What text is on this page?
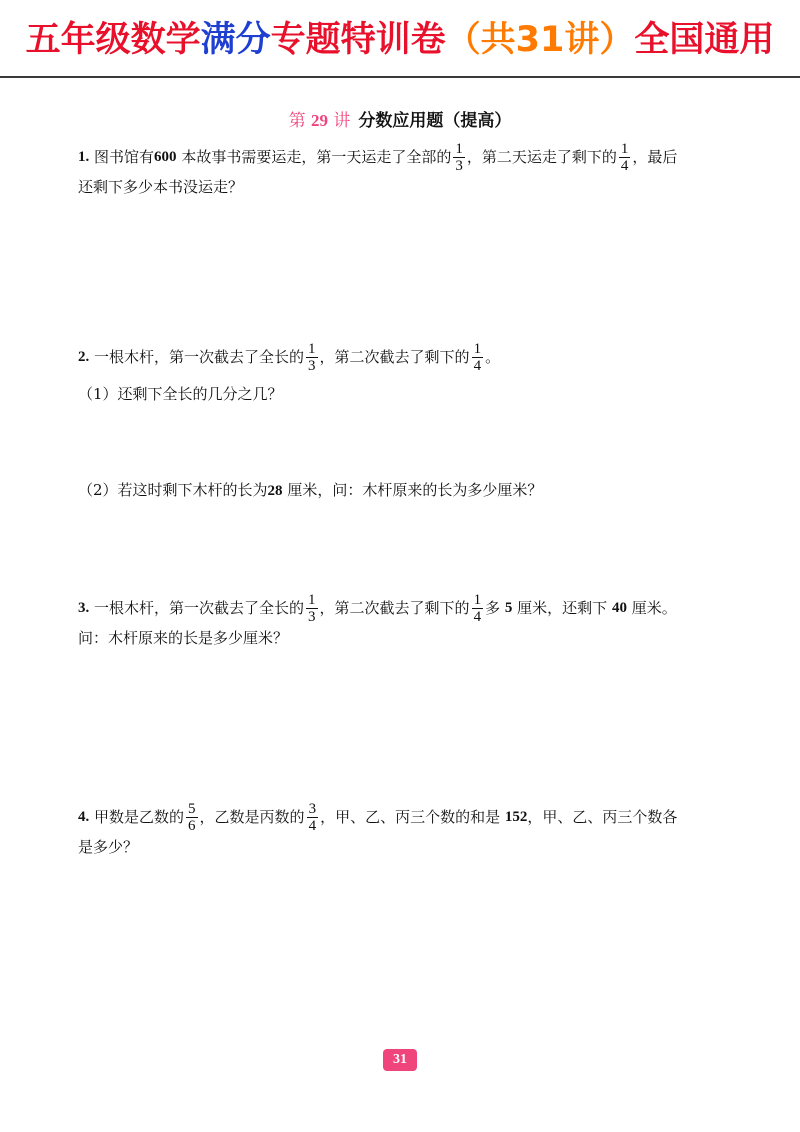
五年级数学 满分 专题特训卷 （共31讲） 全国通用
第 29 讲 分数应用题（提高）
1.
图书馆有 600
本故事书需要运走，第一天运走了全部的 $\frac{1}{3}$ ，第二天运走了剩下的 $\frac{1}{4}$ ，最后
还剩下多少本书没运走？
2.
一根木杆，第一次截去了全长的 $\frac{1}{3}$ ，第二次截去了剩下的 $\frac{1}{4}$ 。
（1）还剩下全长的几分之几？
（2）若这时剩下木杆的长为28 厘米，问：木杆原来的长为多少厘米？
3.
一根木杆，第一次截去了全长的 $\frac{1}{3}$ ，第二次截去了剩下的 $\frac{1}{4}$ 多
5
厘米，还剩下
40
厘米。
问：木杆原来的长是多少厘米？
4.
甲数是乙数的 $\frac{5}{6}$ ，乙数是丙数的 $\frac{3}{4}$ ，甲、乙、丙三个数的和是
152 ，甲、乙、丙三个数各
是多少？
31
